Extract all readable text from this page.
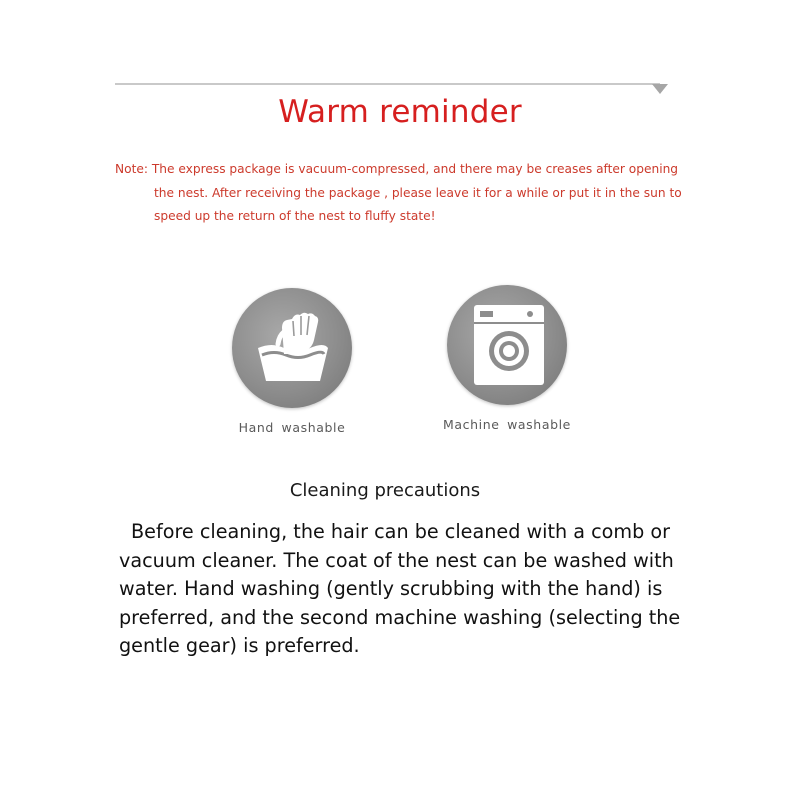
Warm reminder
Note: The express package is vacuum-compressed, and there may be creases after opening
the nest. After receiving the package , please leave it for a while or put it in the sun to
speed up the return of the nest to fluffy state!
Hand washable	Machine washable
Cleaning precautions
Before cleaning, the hair can be cleaned with a comb or
vacuum cleaner. The coat of the nest can be washed with
water. Hand washing (gently scrubbing with the hand) is
preferred, and the second machine washing (selecting the
gentle gear) is preferred.
